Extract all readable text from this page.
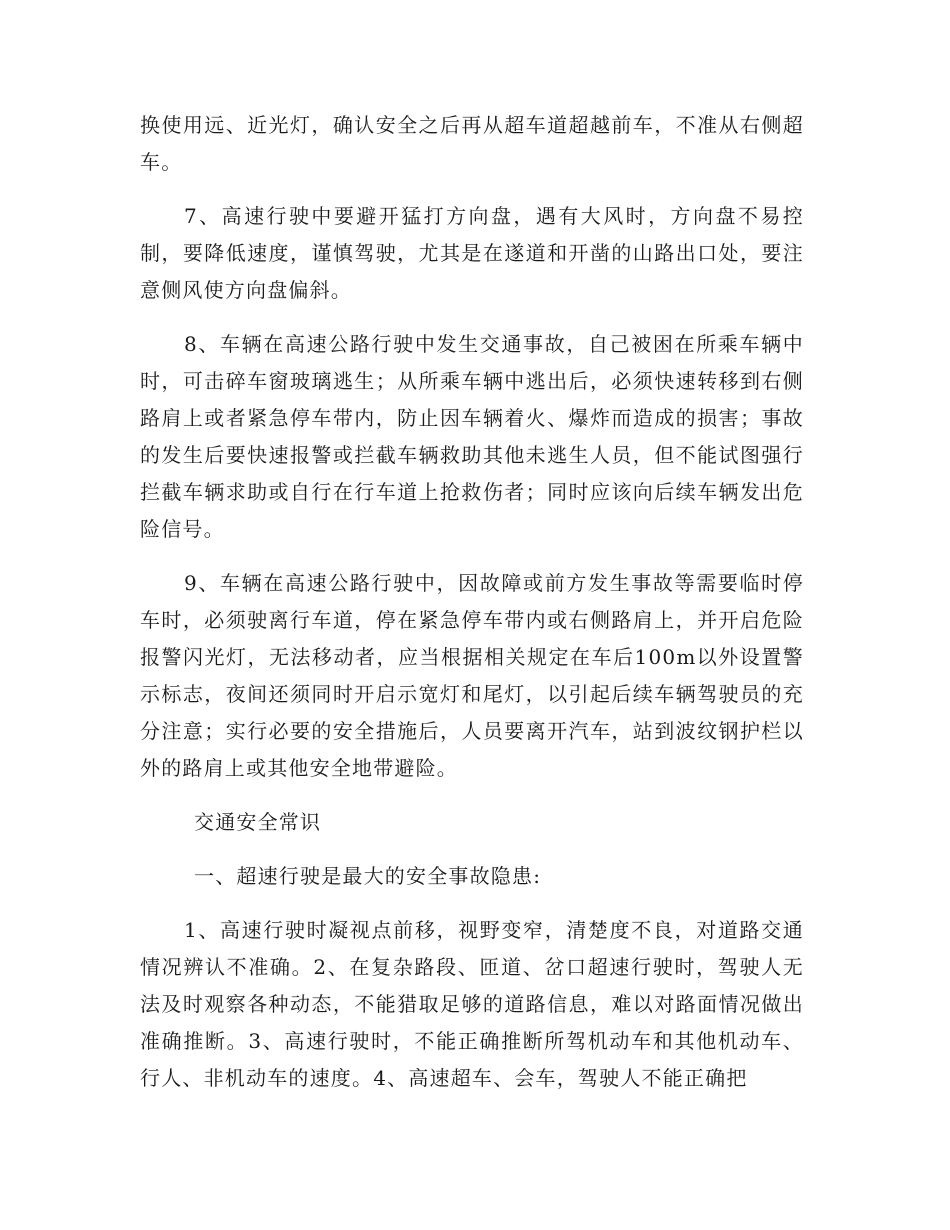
换使用远、近光灯，确认安全之后再从超车道超越前车，不准从右侧超车。

7、高速行驶中要避开猛打方向盘，遇有大风时，方向盘不易控制，要降低速度，谨慎驾驶，尤其是在遂道和开凿的山路出口处，要注意侧风使方向盘偏斜。

8、车辆在高速公路行驶中发生交通事故，自己被困在所乘车辆中时，可击碎车窗玻璃逃生；从所乘车辆中逃出后，必须快速转移到右侧路肩上或者紧急停车带内，防止因车辆着火、爆炸而造成的损害；事故的发生后要快速报警或拦截车辆救助其他未逃生人员，但不能试图强行拦截车辆求助或自行在行车道上抢救伤者；同时应该向后续车辆发出危险信号。

9、车辆在高速公路行驶中，因故障或前方发生事故等需要临时停车时，必须驶离行车道，停在紧急停车带内或右侧路肩上，并开启危险报警闪光灯，无法移动者，应当根据相关规定在车后100m以外设置警示标志，夜间还须同时开启示宽灯和尾灯，以引起后续车辆驾驶员的充分注意；实行必要的安全措施后，人员要离开汽车，站到波纹钢护栏以外的路肩上或其他安全地带避险。

交通安全常识

一、超速行驶是最大的安全事故隐患:

1、高速行驶时凝视点前移，视野变窄，清楚度不良，对道路交通情况辨认不准确。2、在复杂路段、匝道、岔口超速行驶时，驾驶人无法及时观察各种动态，不能猎取足够的道路信息，难以对路面情况做出准确推断。3、高速行驶时，不能正确推断所驾机动车和其他机动车、行人、非机动车的速度。4、高速超车、会车，驾驶人不能正确把
